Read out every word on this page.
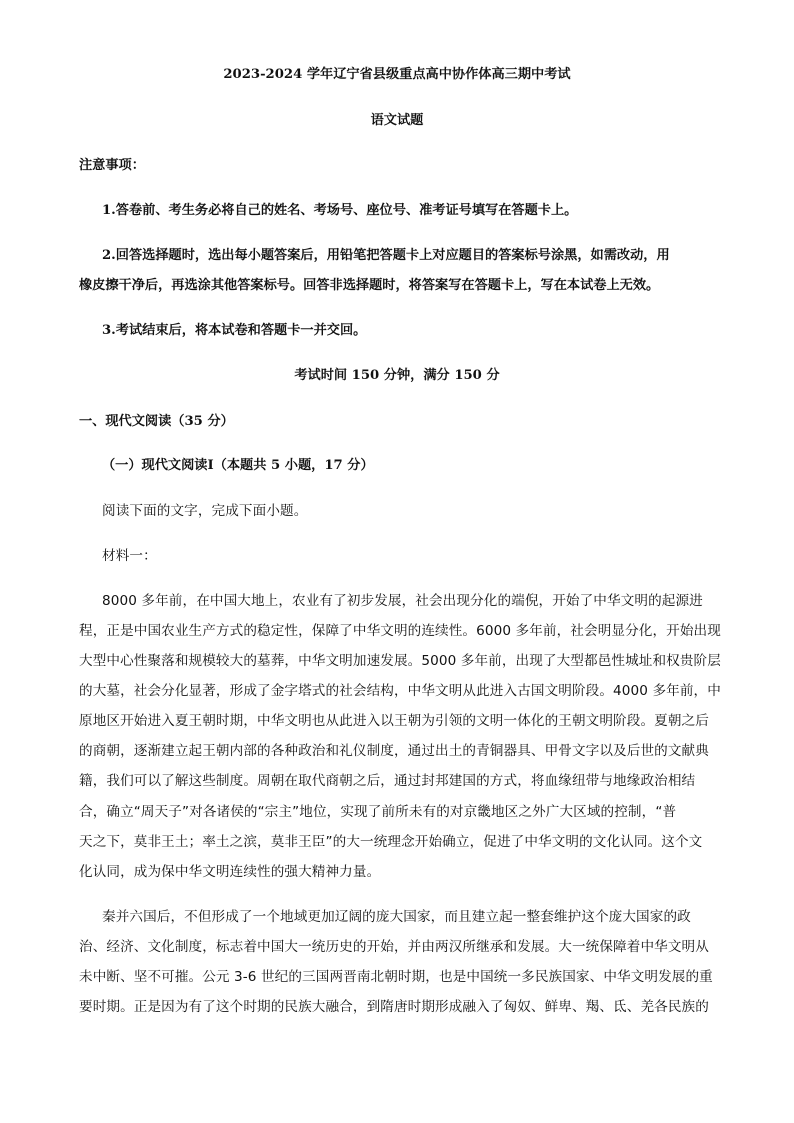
2023-2024 学年辽宁省县级重点高中协作体高三期中考试
语文试题
注意事项：
1.答卷前、考生务必将自己的姓名、考场号、座位号、准考证号填写在答题卡上。
2.回答选择题时，选出每小题答案后，用铅笔把答题卡上对应题目的答案标号涂黑，如需改动，用
橡皮擦干净后，再选涂其他答案标号。回答非选择题时，将答案写在答题卡上，写在本试卷上无效。
3.考试结束后，将本试卷和答题卡一并交回。
考试时间 150 分钟，满分 150 分
一、现代文阅读（35 分）
（一）现代文阅读Ⅰ（本题共 5 小题，17 分）
阅读下面的文字，完成下面小题。
材料一：
8000 多年前，在中国大地上，农业有了初步发展，社会出现分化的端倪，开始了中华文明的起源进
程，正是中国农业生产方式的稳定性，保障了中华文明的连续性。6000 多年前，社会明显分化，开始出现
大型中心性聚落和规模较大的墓葬，中华文明加速发展。5000 多年前，出现了大型都邑性城址和权贵阶层
的大墓，社会分化显著，形成了金字塔式的社会结构，中华文明从此进入古国文明阶段。4000 多年前，中
原地区开始进入夏王朝时期，中华文明也从此进入以王朝为引领的文明一体化的王朝文明阶段。夏朝之后
的商朝，逐渐建立起王朝内部的各种政治和礼仪制度，通过出土的青铜器具、甲骨文字以及后世的文献典
籍，我们可以了解这些制度。周朝在取代商朝之后，通过封邦建国的方式，将血缘纽带与地缘政治相结
合，确立“周天子”对各诸侯的“宗主”地位，实现了前所未有的对京畿地区之外广大区域的控制，“普
天之下，莫非王土；率土之滨，莫非王臣”的大一统理念开始确立，促进了中华文明的文化认同。这个文
化认同，成为保中华文明连续性的强大精神力量。
秦并六国后，不但形成了一个地域更加辽阔的庞大国家，而且建立起一整套维护这个庞大国家的政
治、经济、文化制度，标志着中国大一统历史的开始，并由两汉所继承和发展。大一统保障着中华文明从
未中断、坚不可摧。公元 3-6 世纪的三国两晋南北朝时期，也是中国统一多民族国家、中华文明发展的重
要时期。正是因为有了这个时期的民族大融合，到隋唐时期形成融入了匈奴、鲜卑、羯、氐、羌各民族的
